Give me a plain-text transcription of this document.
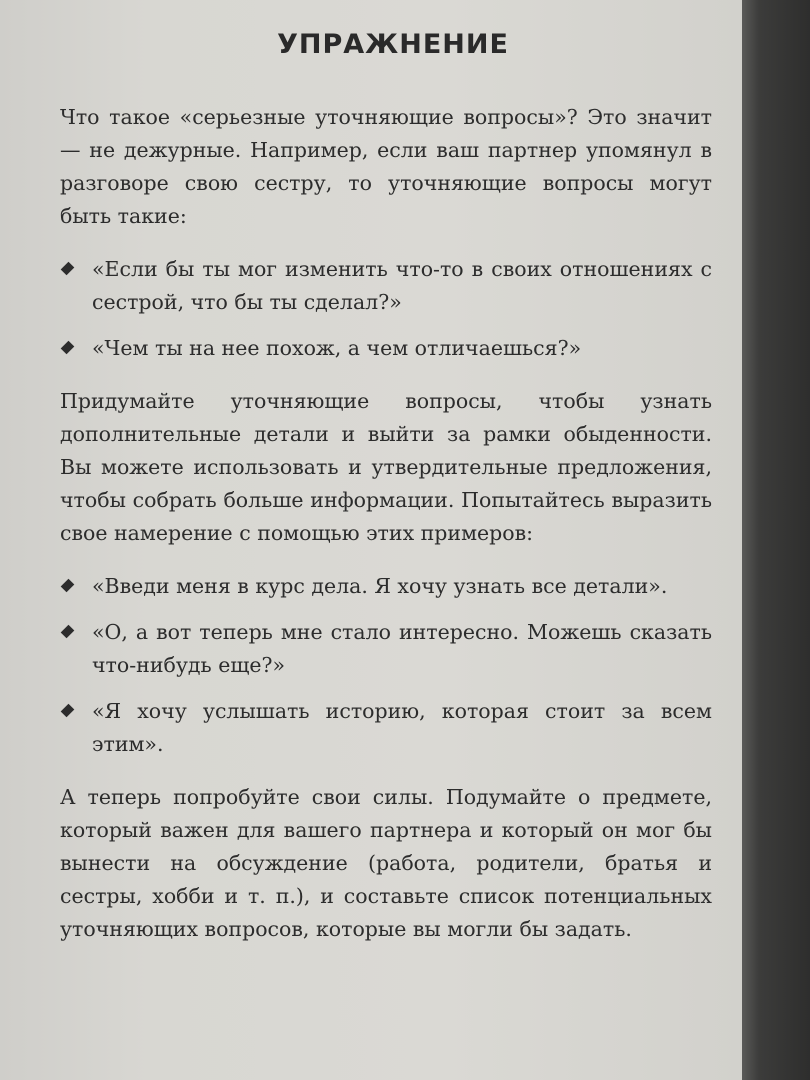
УПРАЖНЕНИЕ

Что такое «серьезные уточняющие вопросы»? Это значит — не дежурные. Например, если ваш партнер упомянул в разговоре свою сестру, то уточняющие вопросы могут быть такие:

«Если бы ты мог изменить что-то в своих отношениях с сестрой, что бы ты сделал?»
«Чем ты на нее похож, а чем отличаешься?»

Придумайте уточняющие вопросы, чтобы узнать дополнительные детали и выйти за рамки обыденности. Вы можете использовать и утвердительные предложения, чтобы собрать больше информации. Попытайтесь выразить свое намерение с помощью этих примеров:

«Введи меня в курс дела. Я хочу узнать все детали».
«О, а вот теперь мне стало интересно. Можешь сказать что-нибудь еще?»
«Я хочу услышать историю, которая стоит за всем этим».

А теперь попробуйте свои силы. Подумайте о предмете, который важен для вашего партнера и который он мог бы вынести на обсуждение (работа, родители, братья и сестры, хобби и т. п.), и составьте список потенциальных уточняющих вопросов, которые вы могли бы задать.
